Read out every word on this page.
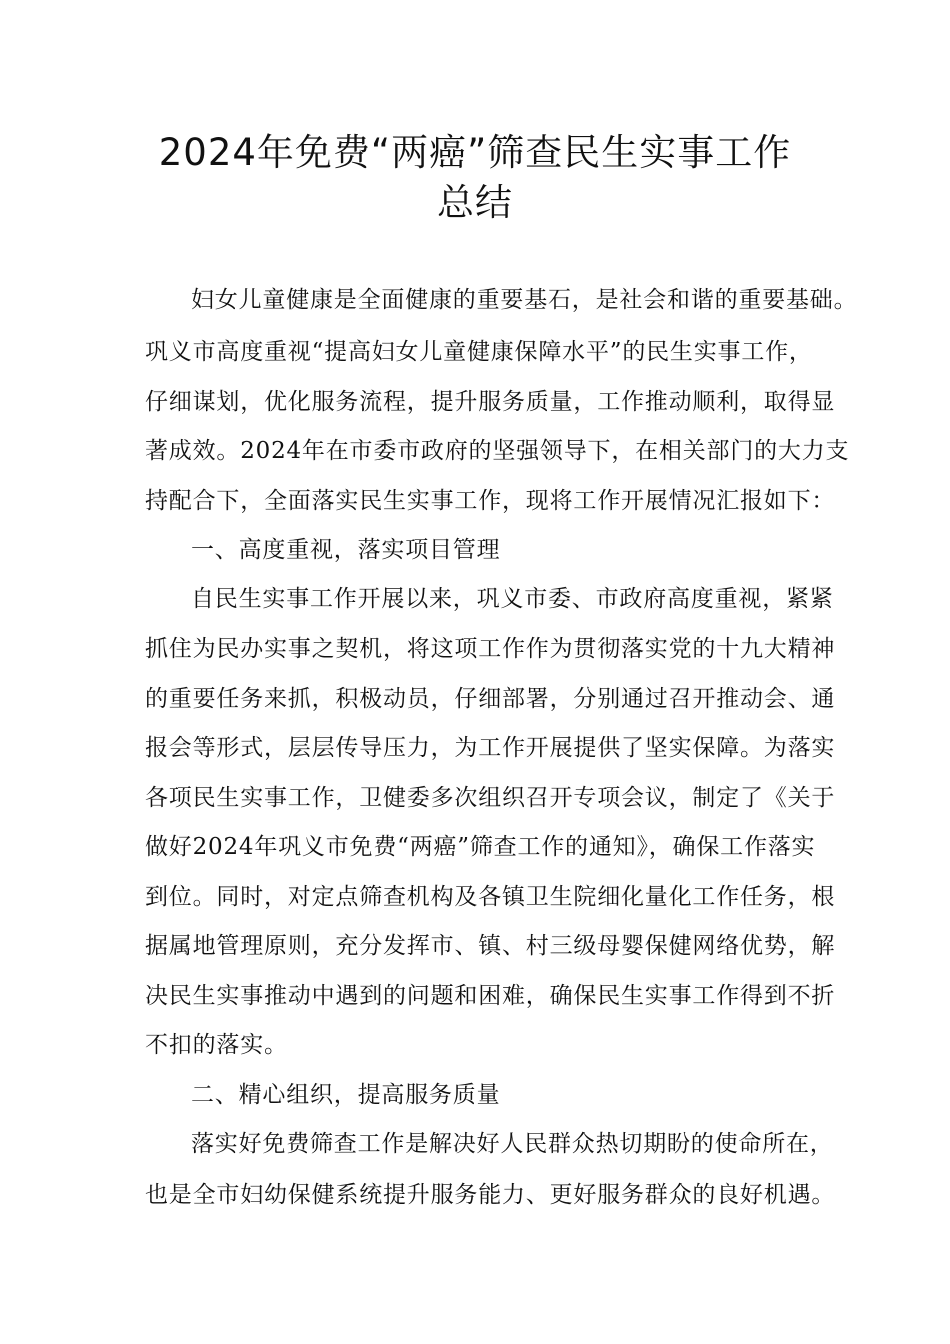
2024年免费“两癌”筛查民生实事工作
总结
妇女儿童健康是全面健康的重要基石，是社会和谐的重要基础。
巩义市高度重视“提高妇女儿童健康保障水平”的民生实事工作，
仔细谋划，优化服务流程，提升服务质量，工作推动顺利，取得显
著成效。2024年在市委市政府的坚强领导下，在相关部门的大力支
持配合下，全面落实民生实事工作，现将工作开展情况汇报如下：
一、高度重视，落实项目管理
自民生实事工作开展以来，巩义市委、市政府高度重视，紧紧
抓住为民办实事之契机，将这项工作作为贯彻落实党的十九大精神
的重要任务来抓，积极动员，仔细部署，分别通过召开推动会、通
报会等形式，层层传导压力，为工作开展提供了坚实保障。为落实
各项民生实事工作，卫健委多次组织召开专项会议，制定了《关于
做好2024年巩义市免费“两癌”筛查工作的通知》，确保工作落实
到位。同时，对定点筛查机构及各镇卫生院细化量化工作任务，根
据属地管理原则，充分发挥市、镇、村三级母婴保健网络优势，解
决民生实事推动中遇到的问题和困难，确保民生实事工作得到不折
不扣的落实。
二、精心组织，提高服务质量
落实好免费筛查工作是解决好人民群众热切期盼的使命所在，
也是全市妇幼保健系统提升服务能力、更好服务群众的良好机遇。
